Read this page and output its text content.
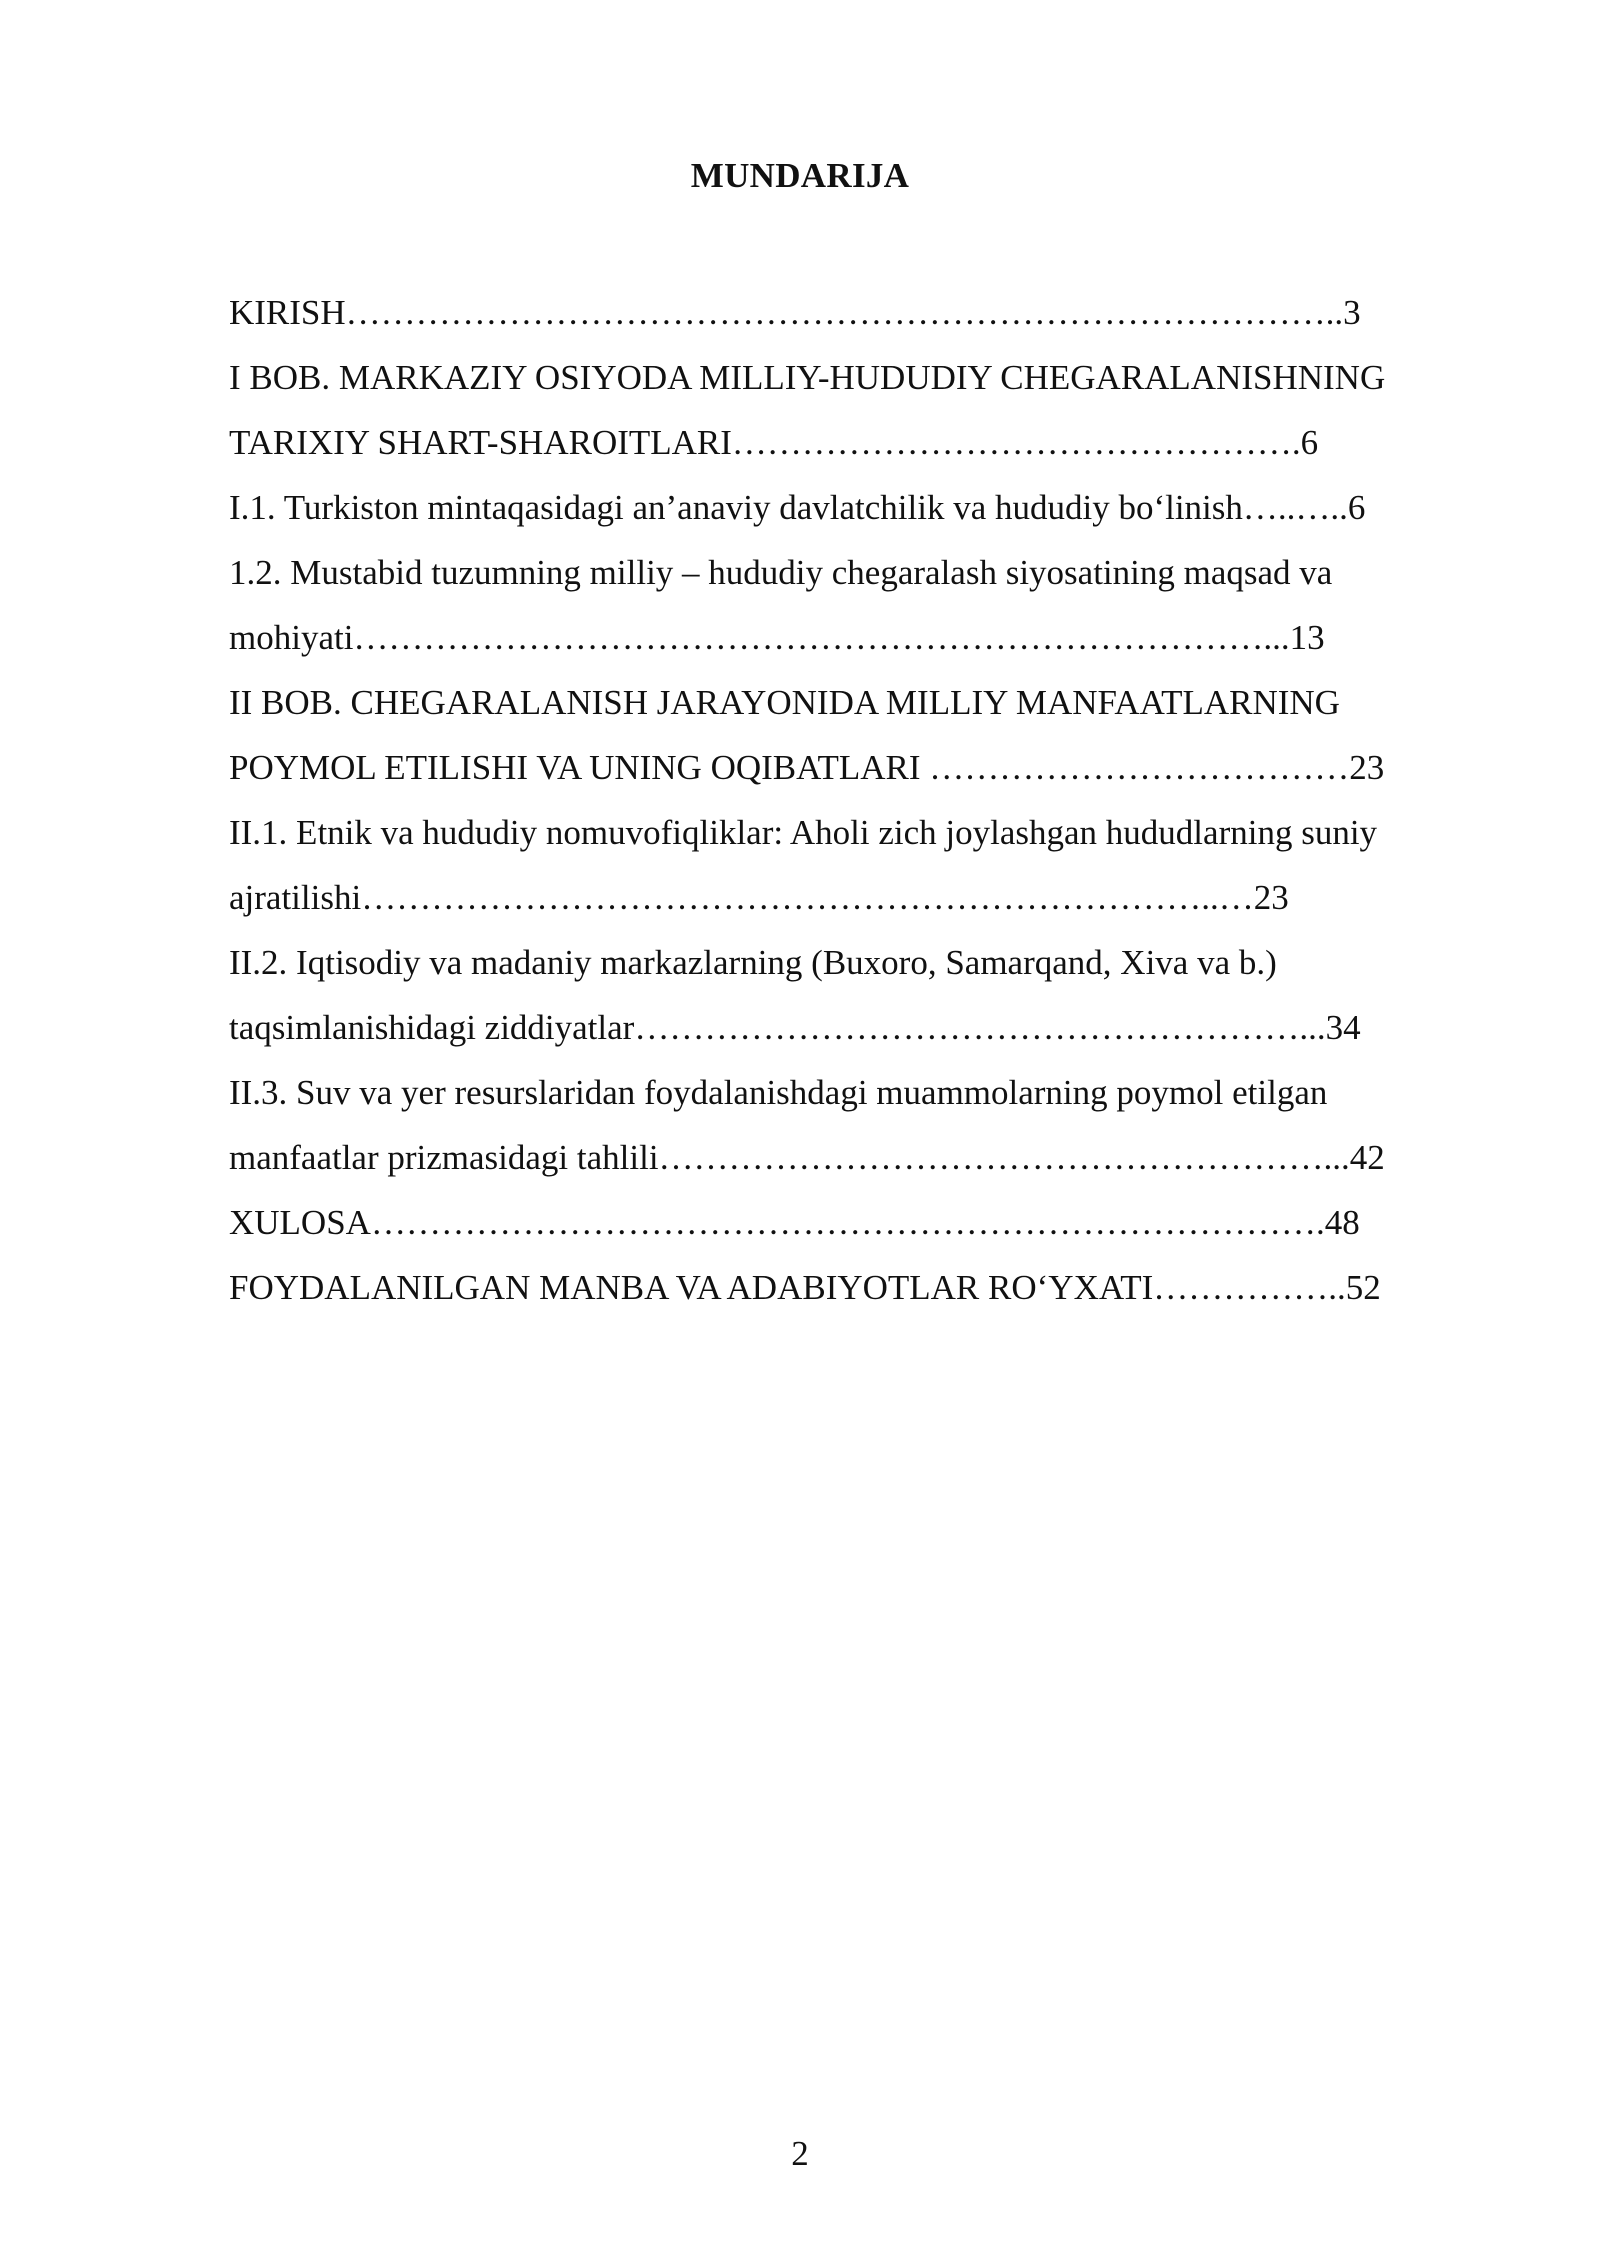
MUNDARIJA
KIRISH…………………………………………………………………………..3
I BOB. MARKAZIY OSIYODA MILLIY-HUDUDIY CHEGARALANISHNING
TARIXIY SHART-SHAROITLARI………………………………………….6
I.1. Turkiston mintaqasidagi an’anaviy davlatchilik va hududiy bo‘linish…..…..6
1.2. Mustabid tuzumning milliy – hududiy chegaralash siyosatining maqsad va
mohiyati……………………………………………………………………...13
II BOB. CHEGARALANISH JARAYONIDA MILLIY MANFAATLARNING
POYMOL ETILISHI VA UNING OQIBATLARI ………………………………23
II.1. Etnik va hududiy nomuvofiqliklar: Aholi zich joylashgan hududlarning suniy
ajratilishi………………………………………………………………..…23
II.2. Iqtisodiy va madaniy markazlarning (Buxoro, Samarqand, Xiva va b.)
taqsimlanishidagi ziddiyatlar…………………………………………………...34
II.3. Suv va yer resurslaridan foydalanishdagi muammolarning poymol etilgan
manfaatlar prizmasidagi tahlili…………………………………………………...42
XULOSA……………………………………………………………………….48
FOYDALANILGAN MANBA VA ADABIYOTLAR RO‘YXATI……………..52
2
